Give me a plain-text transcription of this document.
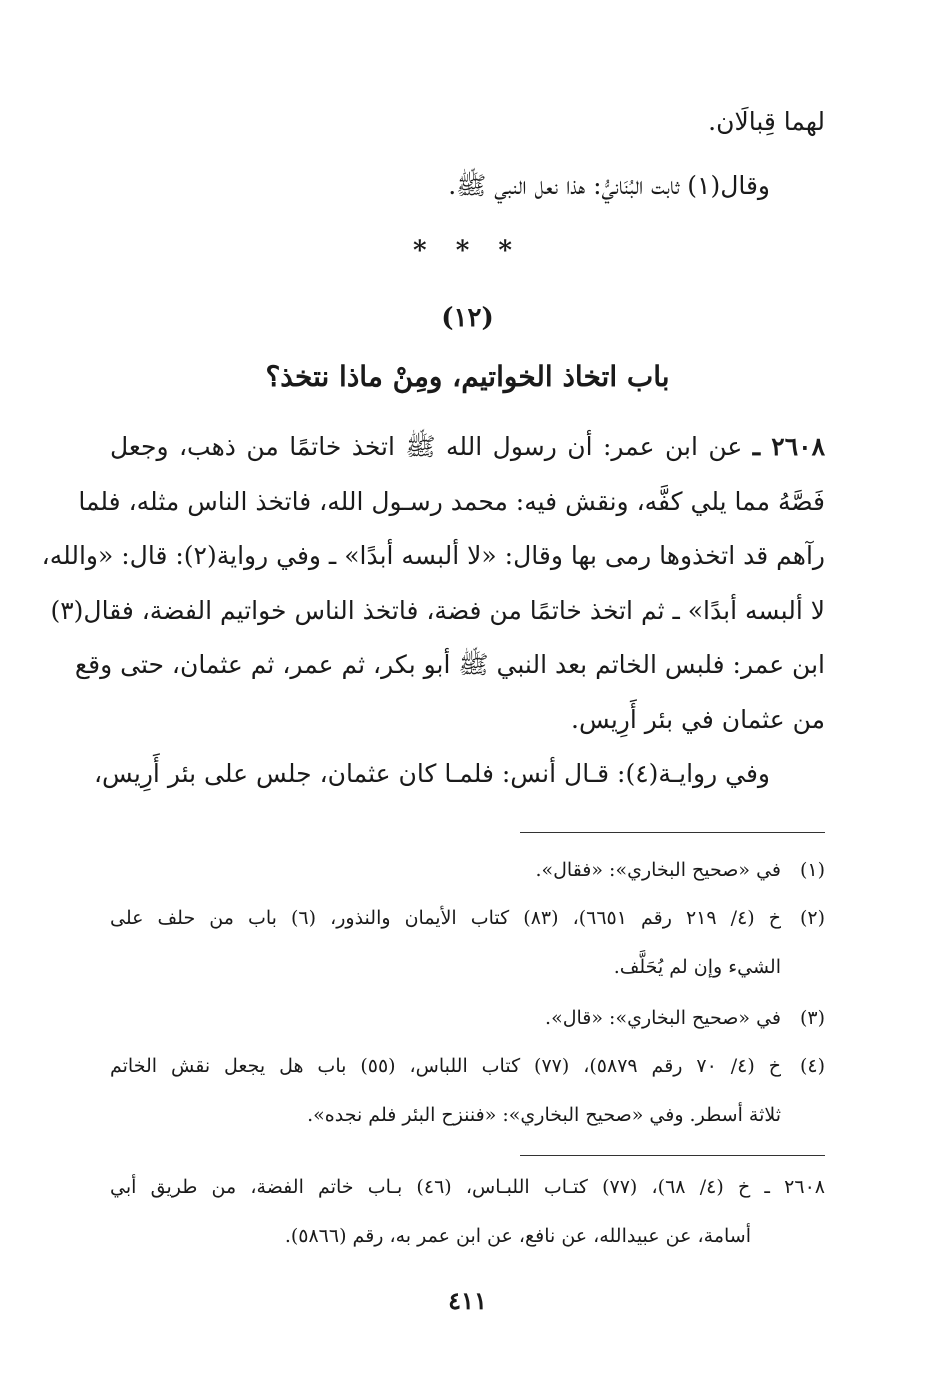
لهما قِبالَان.
وقال(١) ثابت البُنَانيُّ: هذا نعل النبي ﷺ.
* * *
(١٢)
باب اتخاذ الخواتيم، ومِنْ ماذا نتخذ؟
٢٦٠٨ ـ عن ابن عمر: أن رسول الله ﷺ اتخذ خاتمًا من ذهب، وجعل
فَصَّهُ مما يلي كفَّه، ونقش فيه: محمد رسـول الله، فاتخذ الناس مثله، فلما
رآهم قد اتخذوها رمى بها وقال: «لا ألبسه أبدًا» ـ وفي رواية(٢): قال: «والله،
لا ألبسه أبدًا» ـ ثم اتخذ خاتمًا من فضة، فاتخذ الناس خواتيم الفضة، فقال(٣)
ابن عمر: فلبس الخاتم بعد النبي ﷺ أبو بكر، ثم عمر، ثم عثمان، حتى وقع
من عثمان في بئر أَرِيس.
وفي روايـة(٤): قـال أنس: فلمـا كان عثمان، جلس على بئر أَرِيس،
(١)
في «صحيح البخاري»: «فقال».
(٢)
خ (٤/ ٢١٩ رقم ٦٦٥١)، (٨٣) كتاب الأيمان والنذور، (٦) باب من حلف على
الشيء وإن لم يُحَلَّف.
(٣)
في «صحيح البخاري»: «قال».
(٤)
خ (٤/ ٧٠ رقم ٥٨٧٩)، (٧٧) كتاب اللباس، (٥٥) باب هل يجعل نقش الخاتم
ثلاثة أسطر. وفي «صحيح البخاري»: «فننزح البئر فلم نجده».
٢٦٠٨ ـ خ (٤/ ٦٨)، (٧٧) كتـاب اللبـاس، (٤٦) بـاب خاتم الفضة، من طريق أبي
أسامة، عن عبيدالله، عن نافع، عن ابن عمر به، رقم (٥٨٦٦).
٤١١
